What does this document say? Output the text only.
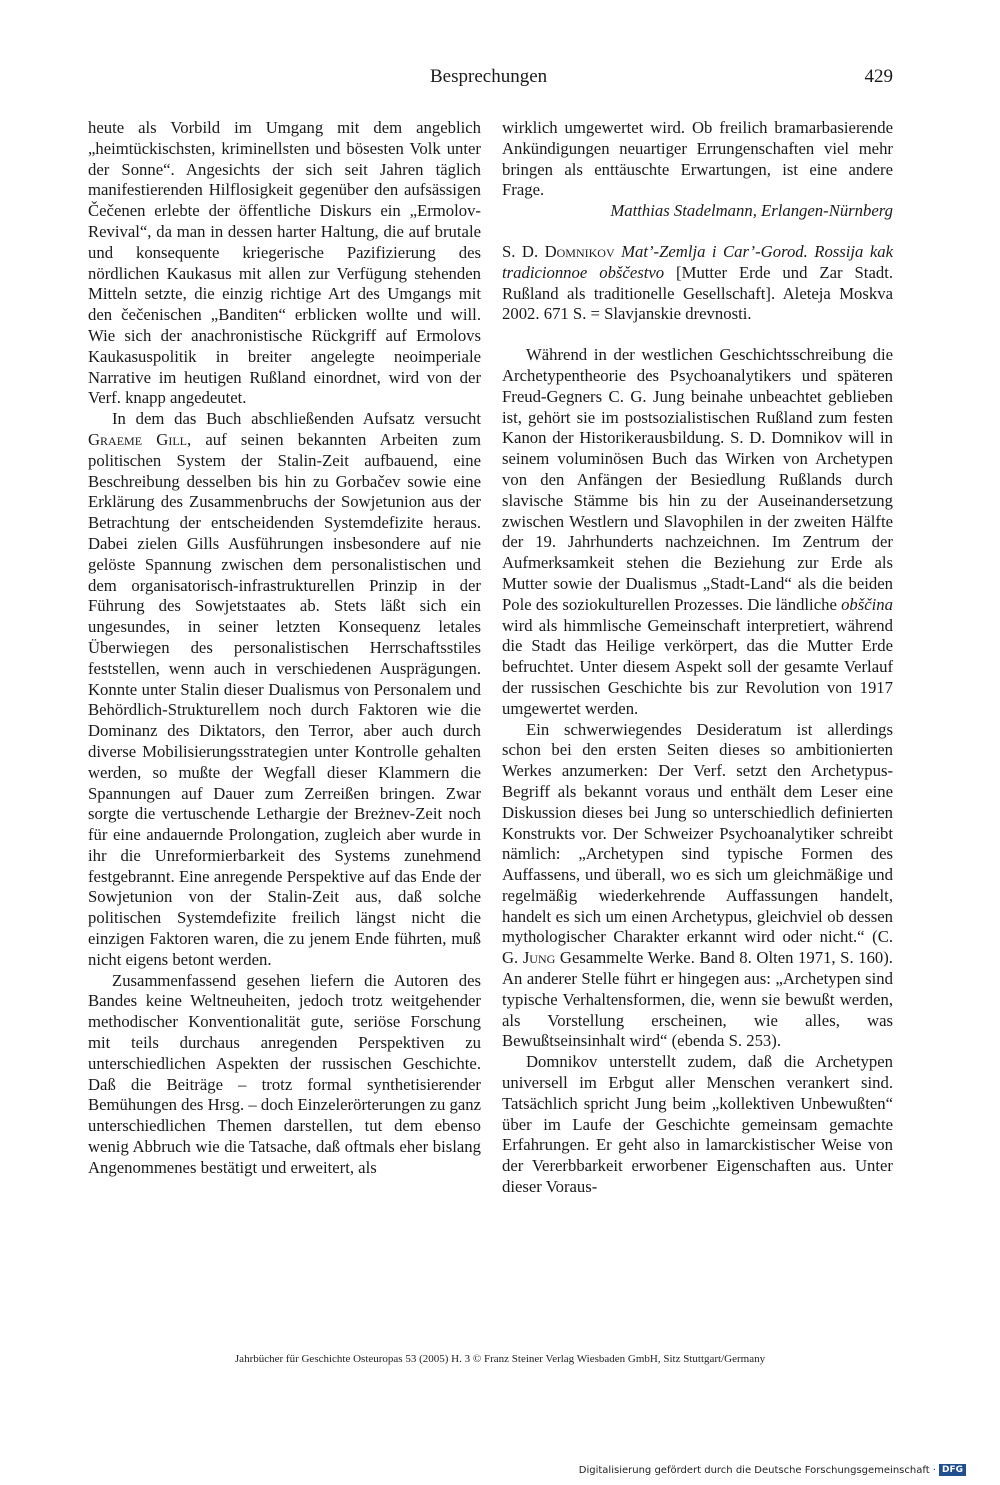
Besprechungen	429

heute als Vorbild im Umgang mit dem angeblich „heimtückischsten, kriminellsten und bösesten Volk unter der Sonne“. Angesichts der sich seit Jahren täglich manifestierenden Hilflosigkeit gegenüber den aufsässigen Čečenen erlebte der öffentliche Diskurs ein „Ermolov-Revival“, da man in dessen harter Haltung, die auf brutale und konsequente kriegerische Pazifizierung des nördlichen Kaukasus mit allen zur Verfügung stehenden Mitteln setzte, die einzig richtige Art des Umgangs mit den čečenischen „Banditen“ erblicken wollte und will. Wie sich der anachronistische Rückgriff auf Ermolovs Kaukasuspolitik in breiter angelegte neoimperiale Narrative im heutigen Rußland einordnet, wird von der Verf. knapp angedeutet.

In dem das Buch abschließenden Aufsatz versucht Graeme Gill, auf seinen bekannten Arbeiten zum politischen System der Stalin-Zeit aufbauend, eine Beschreibung desselben bis hin zu Gorbačev sowie eine Erklärung des Zusammenbruchs der Sowjetunion aus der Betrachtung der entscheidenden Systemdefizite heraus. Dabei zielen Gills Ausführungen insbesondere auf nie gelöste Spannung zwischen dem personalistischen und dem organisatorisch-infrastrukturellen Prinzip in der Führung des Sowjetstaates ab. Stets läßt sich ein ungesundes, in seiner letzten Konsequenz letales Überwiegen des personalistischen Herrschaftsstiles feststellen, wenn auch in verschiedenen Ausprägungen. Konnte unter Stalin dieser Dualismus von Personalem und Behördlich-Strukturellem noch durch Faktoren wie die Dominanz des Diktators, den Terror, aber auch durch diverse Mobilisierungsstrategien unter Kontrolle gehalten werden, so mußte der Wegfall dieser Klammern die Spannungen auf Dauer zum Zerreißen bringen. Zwar sorgte die vertuschende Lethargie der Breżnev-Zeit noch für eine andauernde Prolongation, zugleich aber wurde in ihr die Unreformierbarkeit des Systems zunehmend festgebrannt. Eine anregende Perspektive auf das Ende der Sowjetunion von der Stalin-Zeit aus, daß solche politischen Systemdefizite freilich längst nicht die einzigen Faktoren waren, die zu jenem Ende führten, muß nicht eigens betont werden.

Zusammenfassend gesehen liefern die Autoren des Bandes keine Weltneuheiten, jedoch trotz weitgehender methodischer Konventionalität gute, seriöse Forschung mit teils durchaus anregenden Perspektiven zu unterschiedlichen Aspekten der russischen Geschichte. Daß die Beiträge – trotz formal synthetisierender Bemühungen des Hrsg. – doch Einzelerörterungen zu ganz unterschiedlichen Themen darstellen, tut dem ebenso wenig Abbruch wie die Tatsache, daß oftmals eher bislang Angenommenes bestätigt und erweitert, als

wirklich umgewertet wird. Ob freilich bramarbasierende Ankündigungen neuartiger Errungenschaften viel mehr bringen als enttäuschte Erwartungen, ist eine andere Frage.

Matthias Stadelmann, Erlangen-Nürnberg

S. D. Domnikov Mat’-Zemlja i Car’-Gorod. Rossija kak tradicionnoe obščestvo [Mutter Erde und Zar Stadt. Rußland als traditionelle Gesellschaft]. Aleteja Moskva 2002. 671 S. = Slavjanskie drevnosti.

Während in der westlichen Geschichtsschreibung die Archetypentheorie des Psychoanalytikers und späteren Freud-Gegners C. G. Jung beinahe unbeachtet geblieben ist, gehört sie im postsozialistischen Rußland zum festen Kanon der Historikerausbildung. S. D. Domnikov will in seinem voluminösen Buch das Wirken von Archetypen von den Anfängen der Besiedlung Rußlands durch slavische Stämme bis hin zu der Auseinandersetzung zwischen Westlern und Slavophilen in der zweiten Hälfte der 19. Jahrhunderts nachzeichnen. Im Zentrum der Aufmerksamkeit stehen die Beziehung zur Erde als Mutter sowie der Dualismus „Stadt-Land“ als die beiden Pole des soziokulturellen Prozesses. Die ländliche obščina wird als himmlische Gemeinschaft interpretiert, während die Stadt das Heilige verkörpert, das die Mutter Erde befruchtet. Unter diesem Aspekt soll der gesamte Verlauf der russischen Geschichte bis zur Revolution von 1917 umgewertet werden.

Ein schwerwiegendes Desideratum ist allerdings schon bei den ersten Seiten dieses so ambitionierten Werkes anzumerken: Der Verf. setzt den Archetypus-Begriff als bekannt voraus und enthält dem Leser eine Diskussion dieses bei Jung so unterschiedlich definierten Konstrukts vor. Der Schweizer Psychoanalytiker schreibt nämlich: „Archetypen sind typische Formen des Auffassens, und überall, wo es sich um gleichmäßige und regelmäßig wiederkehrende Auffassungen handelt, handelt es sich um einen Archetypus, gleichviel ob dessen mythologischer Charakter erkannt wird oder nicht.“ (C. G. Jung Gesammelte Werke. Band 8. Olten 1971, S. 160). An anderer Stelle führt er hingegen aus: „Archetypen sind typische Verhaltensformen, die, wenn sie bewußt werden, als Vorstellung erscheinen, wie alles, was Bewußtseinsinhalt wird“ (ebenda S. 253).

Domnikov unterstellt zudem, daß die Archetypen universell im Erbgut aller Menschen verankert sind. Tatsächlich spricht Jung beim „kollektiven Unbewußten“ über im Laufe der Geschichte gemeinsam gemachte Erfahrungen. Er geht also in lamarckistischer Weise von der Vererbbarkeit erworbener Eigenschaften aus. Unter dieser Voraus-

Jahrbücher für Geschichte Osteuropas 53 (2005) H. 3 © Franz Steiner Verlag Wiesbaden GmbH, Sitz Stuttgart/Germany
Digitalisierung gefördert durch die Deutsche Forschungsgemeinschaft · DFG
